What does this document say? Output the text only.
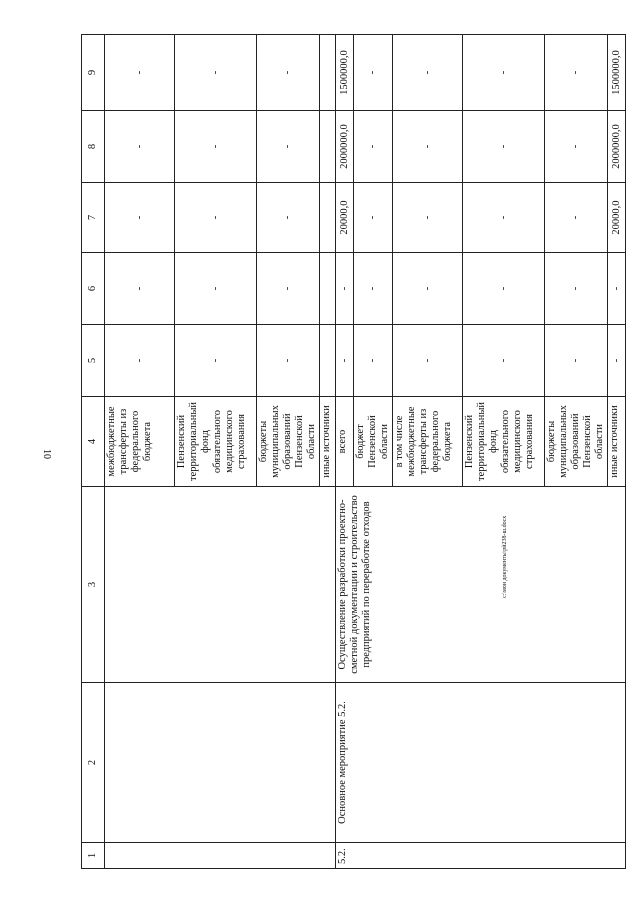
10
c:\мои документы\рй238-ш.docx
1	2	3	4	5	6	7	8	9
			межбюджетные трансферты из федерального бюджета	-	-	-	-	-
			Пензенский территориальный фонд обязательного медицинского страхования	-	-	-	-	-
			бюджеты муниципальных образований Пензенской области	-	-	-	-	-
			иные источники					
5.2.	Основное мероприятие 5.2.	Осуществление разработки проектно-сметной документации и строительство предприятий по переработке отходов	всего	-	-	20000,0	2000000,0	1500000,0
			бюджет Пензенской области	-	-	-	-	-
			в том числе межбюджетные трансферты из федерального бюджета	-	-	-	-	-
			Пензенский территориальный фонд обязательного медицинского страхования	-	-	-	-	-
			бюджеты муниципальных образований Пензенской области	-	-	-	-	-
			иные источники	-	-	20000,0	2000000,0	1500000,0
